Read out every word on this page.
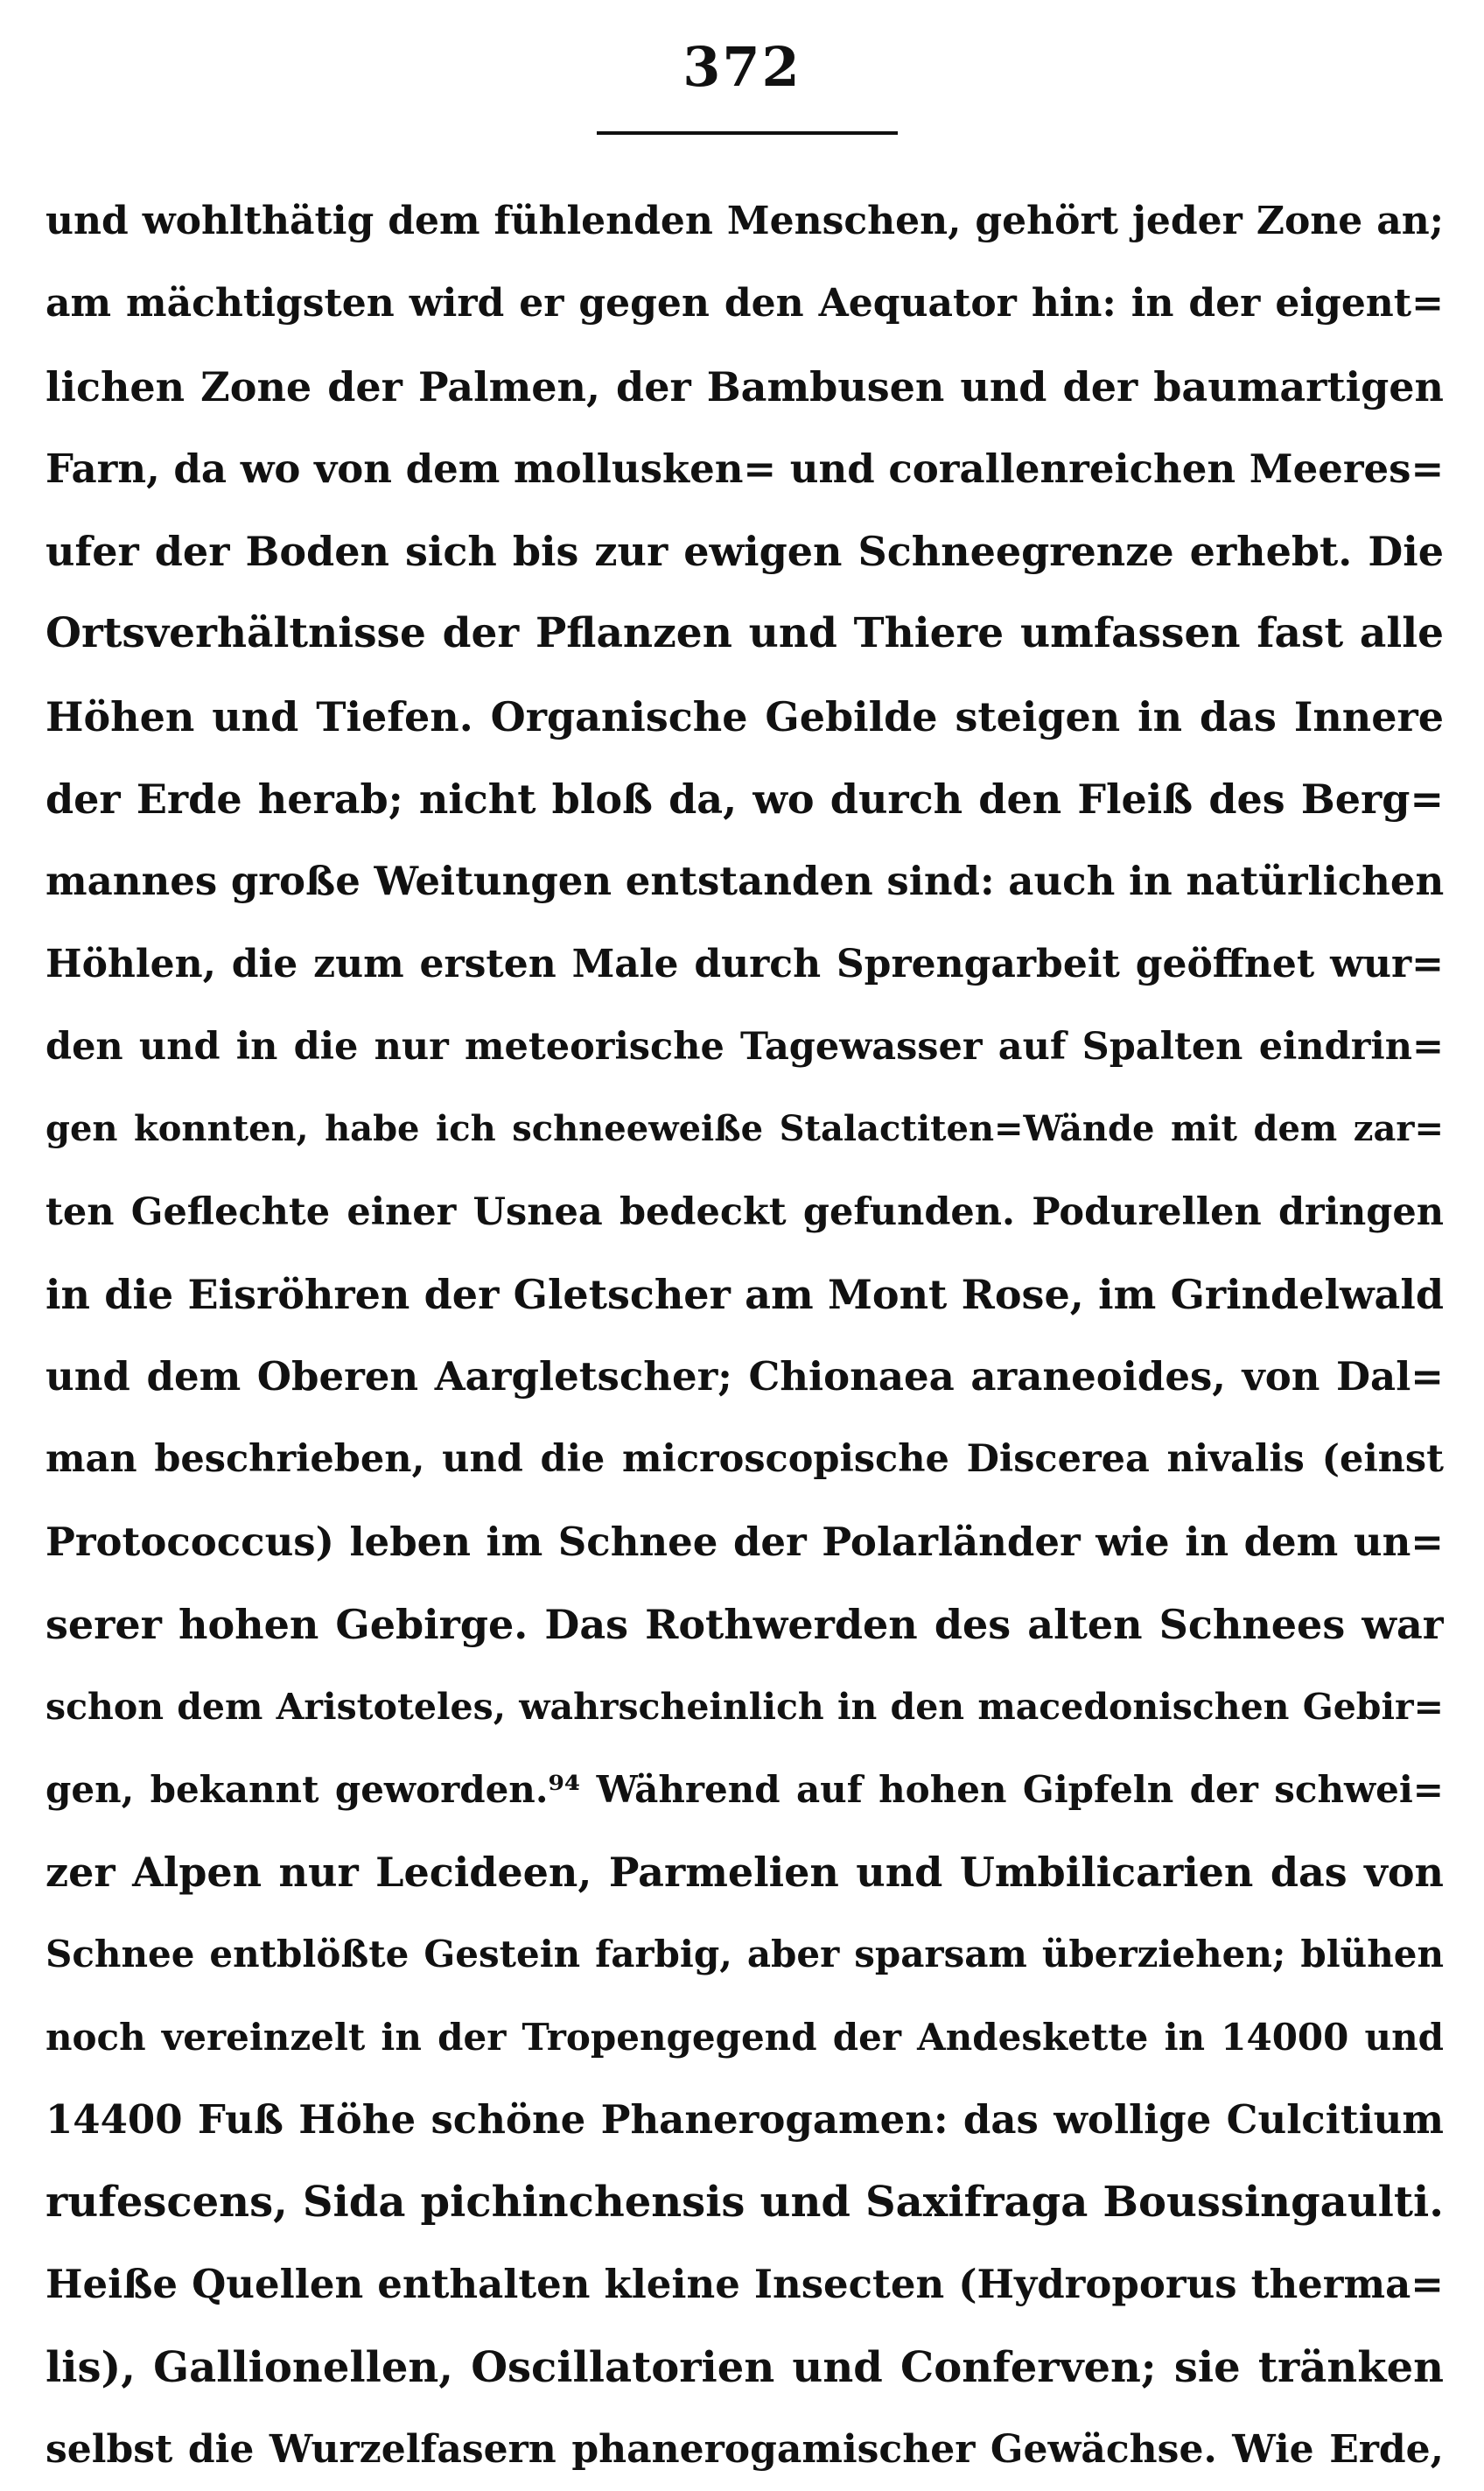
372
und wohlthätig dem fühlenden Menschen, gehört jeder Zone an;
am mächtigsten wird er gegen den Aequator hin: in der eigent=
lichen Zone der Palmen, der Bambusen und der baumartigen
Farn, da wo von dem mollusken= und corallenreichen Meeres=
ufer der Boden sich bis zur ewigen Schneegrenze erhebt. Die
Ortsverhältnisse der Pflanzen und Thiere umfassen fast alle
Höhen und Tiefen. Organische Gebilde steigen in das Innere
der Erde herab; nicht bloß da, wo durch den Fleiß des Berg=
mannes große Weitungen entstanden sind: auch in natürlichen
Höhlen, die zum ersten Male durch Sprengarbeit geöffnet wur=
den und in die nur meteorische Tagewasser auf Spalten eindrin=
gen konnten, habe ich schneeweiße Stalactiten=Wände mit dem zar=
ten Geflechte einer Usnea bedeckt gefunden. Podurellen dringen
in die Eisröhren der Gletscher am Mont Rose, im Grindelwald
und dem Oberen Aargletscher; Chionaea araneoides, von Dal=
man beschrieben, und die microscopische Discerea nivalis (einst
Protococcus) leben im Schnee der Polarländer wie in dem un=
serer hohen Gebirge. Das Rothwerden des alten Schnees war
schon dem Aristoteles, wahrscheinlich in den macedonischen Gebir=
gen, bekannt geworden.⁹⁴ Während auf hohen Gipfeln der schwei=
zer Alpen nur Lecideen, Parmelien und Umbilicarien das von
Schnee entblößte Gestein farbig, aber sparsam überziehen; blühen
noch vereinzelt in der Tropengegend der Andeskette in 14000 und
14400 Fuß Höhe schöne Phanerogamen: das wollige Culcitium
rufescens, Sida pichinchensis und Saxifraga Boussingaulti.
Heiße Quellen enthalten kleine Insecten (Hydroporus therma=
lis), Gallionellen, Oscillatorien und Conferven; sie tränken
selbst die Wurzelfasern phanerogamischer Gewächse. Wie Erde,
